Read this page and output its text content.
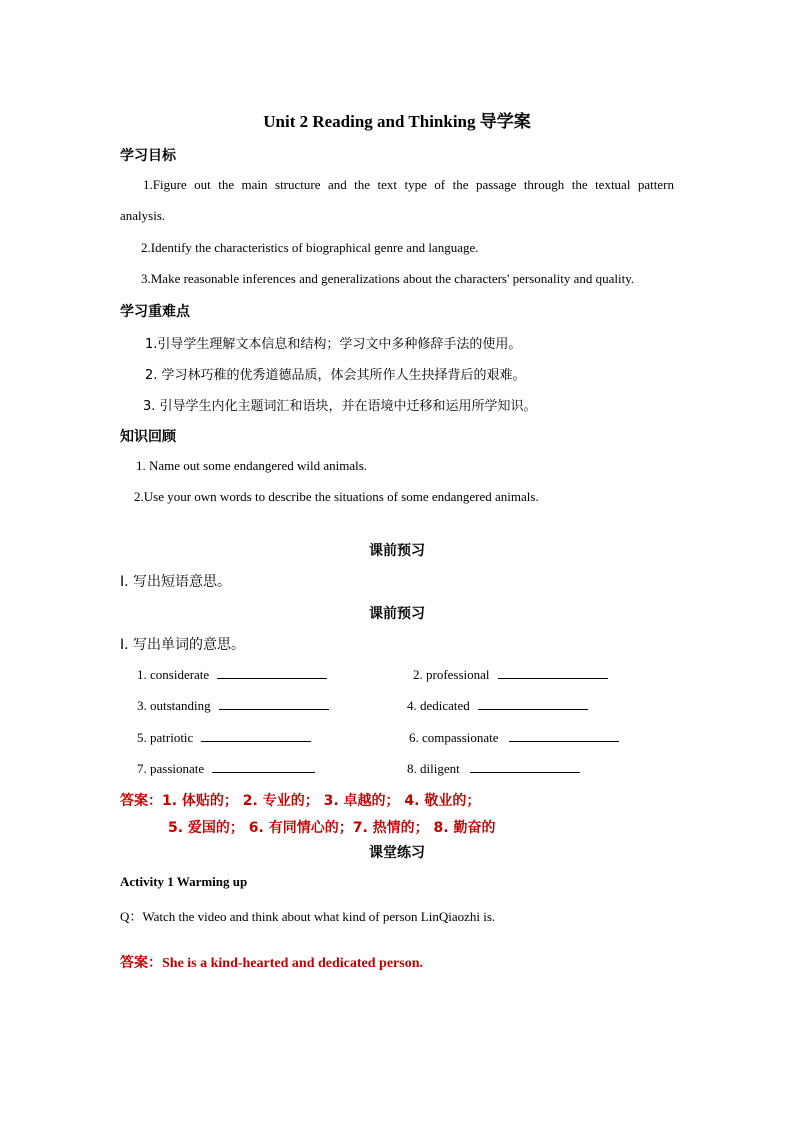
Unit 2 Reading and Thinking 导学案
学习目标
1.Figure out the main structure and the text type of the passage through the textual pattern
analysis.
2.Identify the characteristics of biographical genre and language.
3.Make reasonable inferences and generalizations about the characters' personality and quality.
学习重难点
1.引导学生理解文本信息和结构；学习文中多种修辞手法的使用。
2. 学习林巧稚的优秀道德品质，体会其所作人生抉择背后的艰难。
3. 引导学生内化主题词汇和语块，并在语境中迁移和运用所学知识。
知识回顾
1. Name out some endangered wild animals.
2.Use your own words to describe the situations of some endangered animals.
课前预习
I. 写出短语意思。
课前预习
I. 写出单词的意思。
1. considerate	2. professional
3. outstanding	4. dedicated
5. patriotic	6. compassionate
7. passionate	8. diligent
答案：1. 体贴的； 2. 专业的； 3. 卓越的； 4. 敬业的；
5. 爱国的； 6. 有同情心的；7. 热情的； 8. 勤奋的
课堂练习
Activity 1 Warming up
Q：Watch the video and think about what kind of person LinQiaozhi is.
答案：She is a kind-hearted and dedicated person.
